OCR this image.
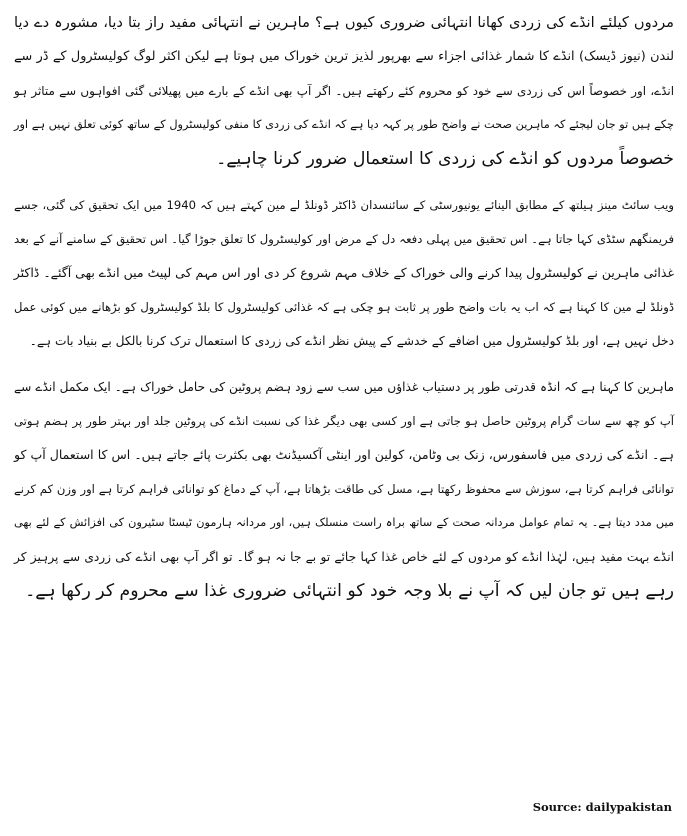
مردوں کیلئے انڈے کی زردی کھانا انتہائی ضروری کیوں ہے؟ ماہرین نے انتہائی مفید راز بتا دیا، مشورہ دے دیا
لندن (نیوز ڈیسک) انڈے کا شمار غذائی اجزاء سے بھرپور لذیز ترین خوراک میں ہوتا ہے لیکن اکثر لوگ کولیسٹرول کے ڈر سے
انڈے، اور خصوصاً اس کی زردی سے خود کو محروم کئے رکھتے ہیں۔ اگر آپ بھی انڈے کے بارے میں پھیلائی گئی افواہوں سے متاثر ہو
چکے ہیں تو جان لیجئے کہ ماہرین صحت نے واضح طور پر کہہ دیا ہے کہ انڈے کی زردی کا منفی کولیسٹرول کے ساتھ کوئی تعلق نہیں ہے اور
خصوصاً مردوں کو انڈے کی زردی کا استعمال ضرور کرنا چاہیے۔
ویب سائٹ مینز ہیلتھ کے مطابق الینائے یونیورسٹی کے سائنسدان ڈاکٹر ڈونلڈ لے مین کہتے ہیں کہ 1940 میں ایک تحقیق کی گئی، جسے
فریمنگھم سٹڈی کہا جاتا ہے۔ اس تحقیق میں پہلی دفعہ دل کے مرض اور کولیسٹرول کا تعلق جوڑا گیا۔ اس تحقیق کے سامنے آنے کے بعد
غذائی ماہرین نے کولیسٹرول پیدا کرنے والی خوراک کے خلاف مہم شروع کر دی اور اس مہم کی لپیٹ میں انڈے بھی آگئے۔ ڈاکٹر
ڈونلڈ لے مین کا کہنا ہے کہ اب یہ بات واضح طور پر ثابت ہو چکی ہے کہ غذائی کولیسٹرول کا بلڈ کولیسٹرول کو بڑھانے میں کوئی عمل
دخل نہیں ہے، اور بلڈ کولیسٹرول میں اضافے کے خدشے کے پیش نظر انڈے کی زردی کا استعمال ترک کرنا بالکل بے بنیاد بات ہے۔
ماہرین کا کہنا ہے کہ انڈہ قدرتی طور پر دستیاب غذاؤں میں سب سے زود ہضم پروٹین کی حامل خوراک ہے۔ ایک مکمل انڈے سے
آپ کو چھ سے سات گرام پروٹین حاصل ہو جاتی ہے اور کسی بھی دیگر غذا کی نسبت انڈے کی پروٹین جلد اور بہتر طور پر ہضم ہوتی
ہے۔ انڈے کی زردی میں فاسفورس، زنک بی وٹامن، کولین اور اینٹی آکسیڈنٹ بھی بکثرت پائے جاتے ہیں۔ اس کا استعمال آپ کو
توانائی فراہم کرتا ہے، سوزش سے محفوظ رکھتا ہے، مسل کی طاقت بڑھاتا ہے، آپ کے دماغ کو توانائی فراہم کرتا ہے اور وزن کم کرنے
میں مدد دیتا ہے۔ یہ تمام عوامل مردانہ صحت کے ساتھ براہ راست منسلک ہیں، اور مردانہ ہارمون ٹیسٹا سٹیرون کی افزائش کے لئے بھی
انڈے بہت مفید ہیں، لہٰذا انڈے کو مردوں کے لئے خاص غذا کہا جائے تو بے جا نہ ہو گا۔ تو اگر آپ بھی انڈے کی زردی سے پرہیز کر
رہے ہیں تو جان لیں کہ آپ نے بلا وجہ خود کو انتہائی ضروری غذا سے محروم کر رکھا ہے۔
Source: dailypakistan
